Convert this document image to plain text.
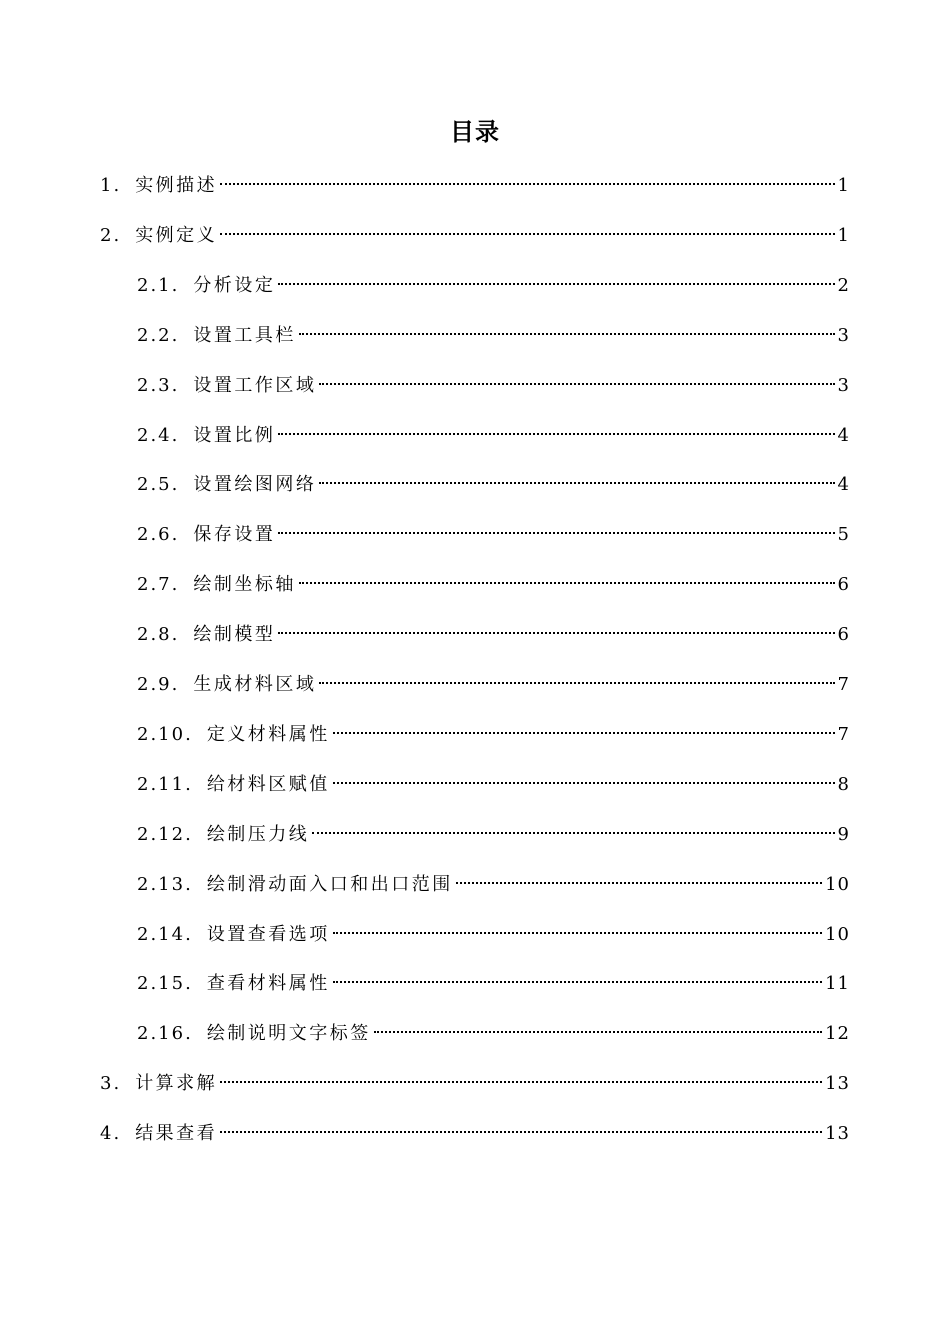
目录
1. 实例描述	1
2. 实例定义	1
2.1. 分析设定	2
2.2. 设置工具栏	3
2.3. 设置工作区域	3
2.4. 设置比例	4
2.5. 设置绘图网络	4
2.6. 保存设置	5
2.7. 绘制坐标轴	6
2.8. 绘制模型	6
2.9. 生成材料区域	7
2.10. 定义材料属性	7
2.11. 给材料区赋值	8
2.12. 绘制压力线	9
2.13. 绘制滑动面入口和出口范围	10
2.14. 设置查看选项	10
2.15. 查看材料属性	11
2.16. 绘制说明文字标签	12
3. 计算求解	13
4. 结果查看	13
